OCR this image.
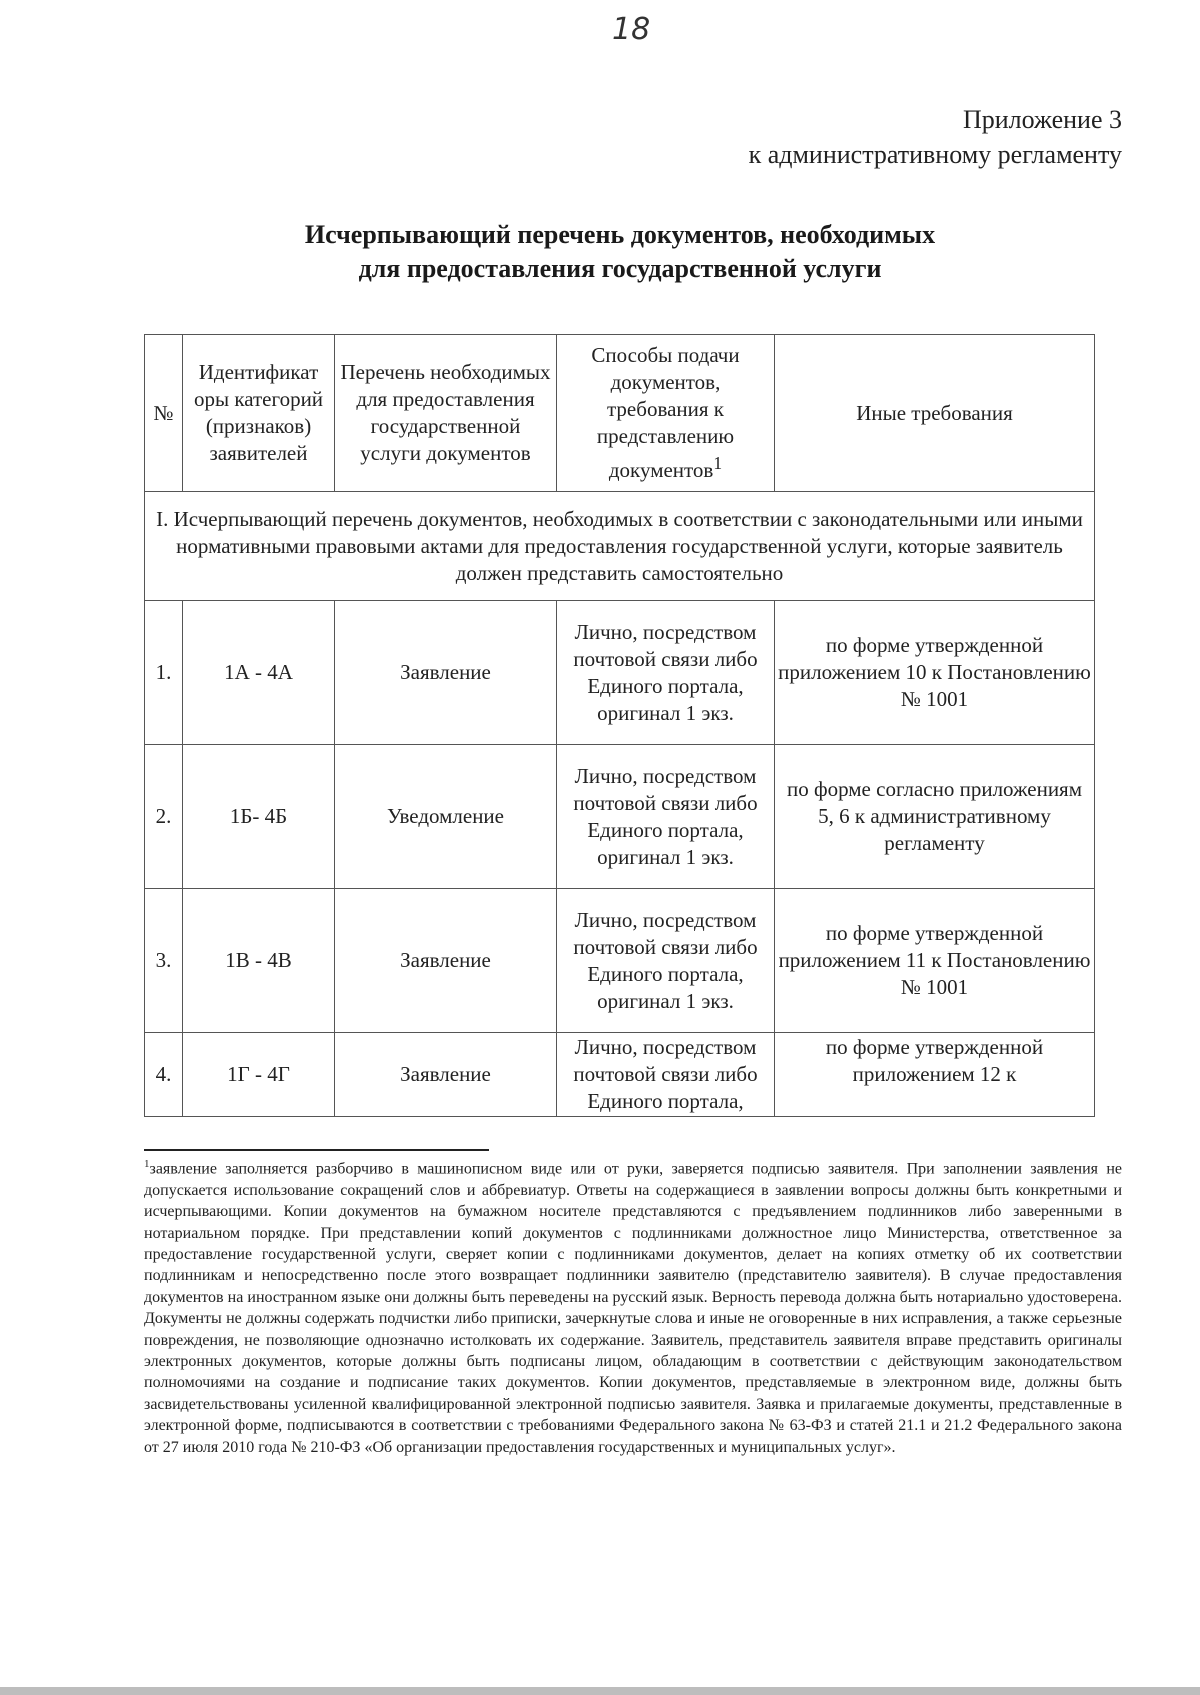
18
Приложение 3
к административному регламенту
Исчерпывающий перечень документов, необходимых
для предоставления государственной услуги
№	Идентификат оры категорий (признаков) заявителей	Перечень необходимых для предоставления государственной услуги документов	Способы подачи документов, требования к представлению документов$^1$	Иные требования
I. Исчерпывающий перечень документов, необходимых в соответствии с законодательными или иными нормативными правовыми актами для предоставления государственной услуги, которые заявитель должен представить самостоятельно				
1.	1А - 4А	Заявление	Лично, посредством почтовой связи либо Единого портала, оригинал 1 экз.	по форме утвержденной приложением 10 к Постановлению № 1001
2.	1Б- 4Б	Уведомление	Лично, посредством почтовой связи либо Единого портала, оригинал 1 экз.	по форме согласно приложениям 5, 6 к административному регламенту
3.	1В - 4В	Заявление	Лично, посредством почтовой связи либо Единого портала, оригинал 1 экз.	по форме утвержденной приложением 11 к Постановлению № 1001
4.	1Г - 4Г	Заявление	Лично, посредством почтовой связи либо Единого портала,	по форме утвержденной приложением 12 к
$^1$заявление заполняется разборчиво в машинописном виде или от руки, заверяется подписью заявителя. При заполнении заявления не допускается использование сокращений слов и аббревиатур. Ответы на содержащиеся в заявлении вопросы должны быть конкретными и исчерпывающими. Копии документов на бумажном носителе представляются с предъявлением подлинников либо заверенными в нотариальном порядке. При представлении копий документов с подлинниками должностное лицо Министерства, ответственное за предоставление государственной услуги, сверяет копии с подлинниками документов, делает на копиях отметку об их соответствии подлинникам и непосредственно после этого возвращает подлинники заявителю (представителю заявителя). В случае предоставления документов на иностранном языке они должны быть переведены на русский язык. Верность перевода должна быть нотариально удостоверена. Документы не должны содержать подчистки либо приписки, зачеркнутые слова и иные не оговоренные в них исправления, а также серьезные повреждения, не позволяющие однозначно истолковать их содержание. Заявитель, представитель заявителя вправе представить оригиналы электронных документов, которые должны быть подписаны лицом, обладающим в соответствии с действующим законодательством полномочиями на создание и подписание таких документов. Копии документов, представляемые в электронном виде, должны быть засвидетельствованы усиленной квалифицированной электронной подписью заявителя. Заявка и прилагаемые документы, представленные в электронной форме, подписываются в соответствии с требованиями Федерального закона № 63-ФЗ и статей 21.1 и 21.2 Федерального закона от 27 июля 2010 года № 210-ФЗ «Об организации предоставления государственных и муниципальных услуг».
